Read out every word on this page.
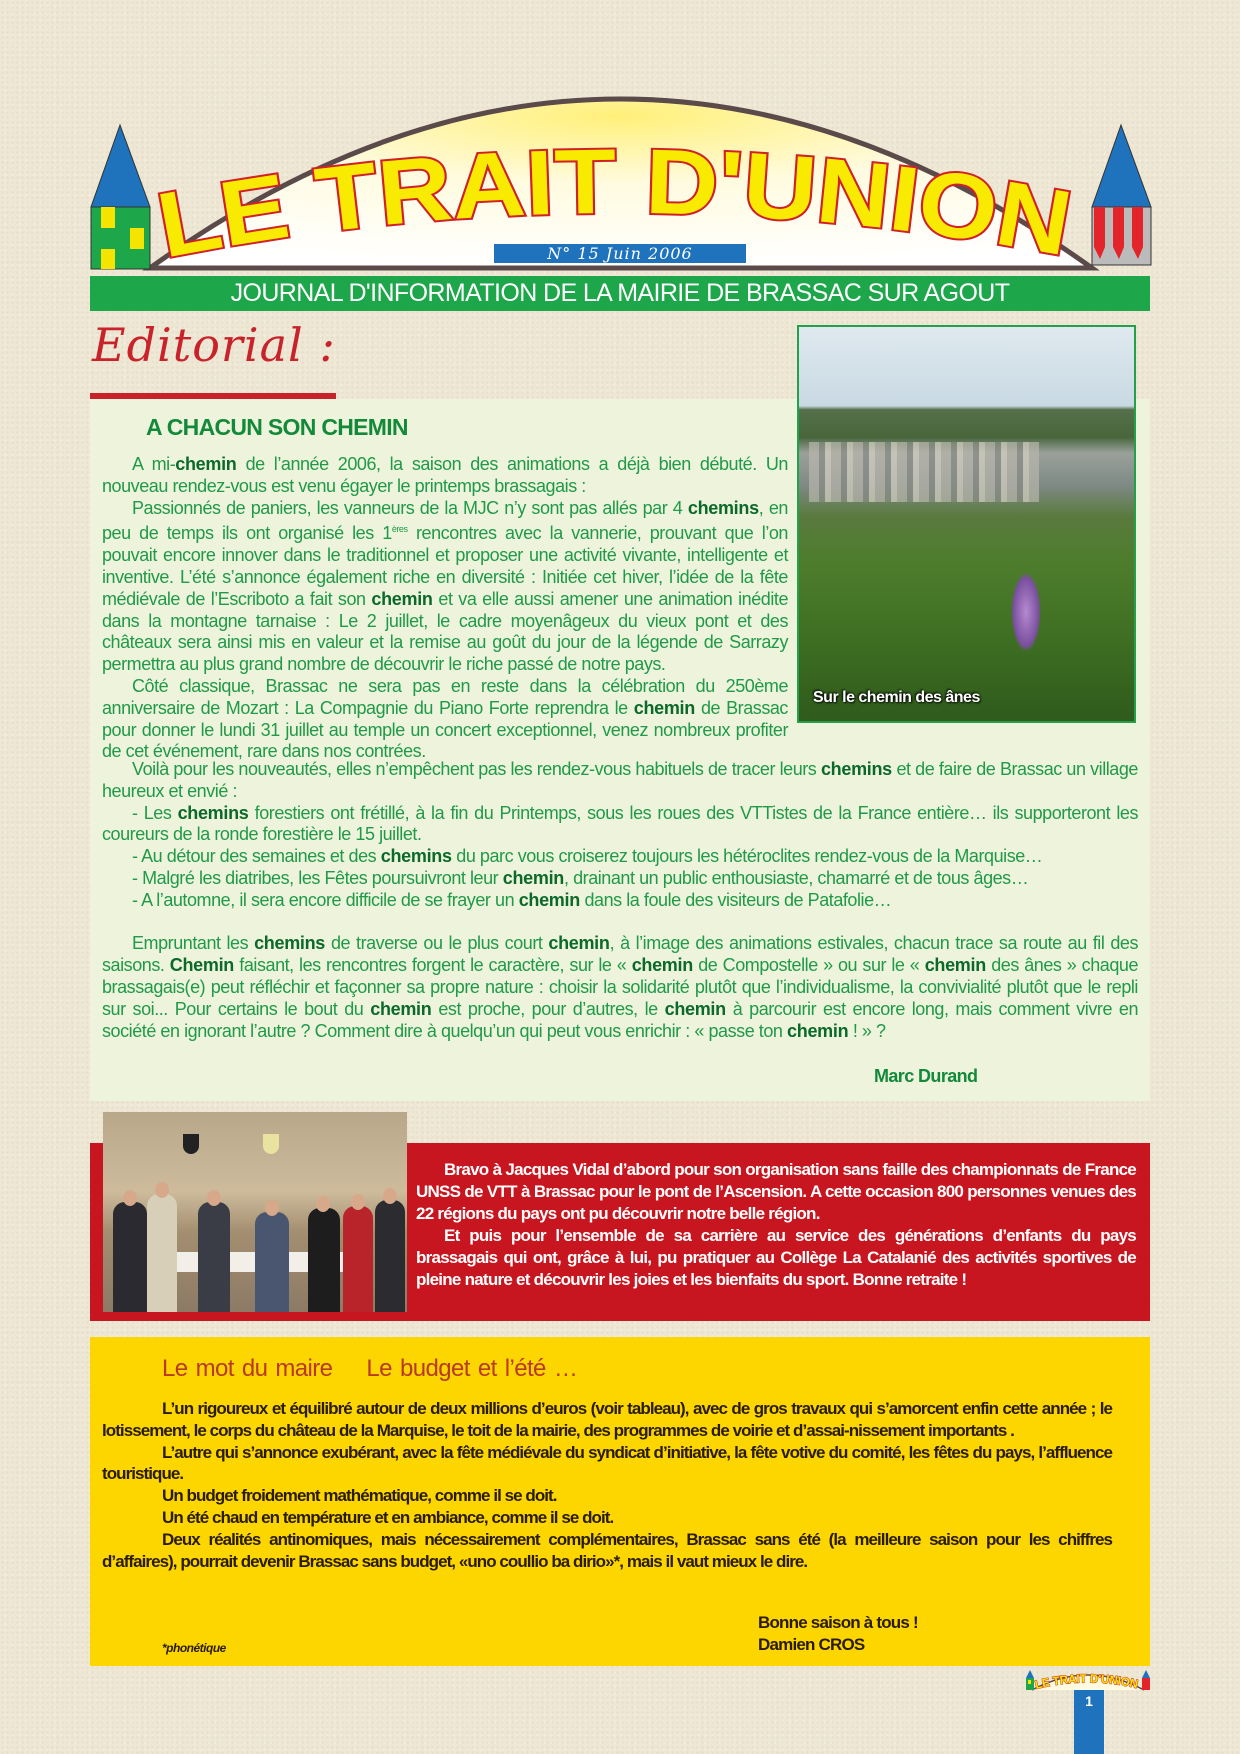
LE TRAIT D'UNION
N° 15 Juin 2006
JOURNAL D'INFORMATION DE LA MAIRIE DE BRASSAC SUR AGOUT
Editorial :
Sur le chemin des ânes
A CHACUN SON CHEMIN

A mi-chemin de l’année 2006, la saison des animations a déjà bien débuté. Un nouveau rendez-vous est venu égayer le printemps brassagais :

Passionnés de paniers, les vanneurs de la MJC n’y sont pas allés par 4 chemins, en peu de temps ils ont organisé les 1ères rencontres avec la vannerie, prouvant que l’on pouvait encore innover dans le traditionnel et proposer une activité vivante, intelligente et inventive. L’été s’annonce également riche en diversité : Initiée cet hiver, l’idée de la fête médiévale de l’Escriboto a fait son chemin et va elle aussi amener une animation inédite dans la montagne tarnaise : Le 2 juillet, le cadre moyenâgeux du vieux pont et des châteaux sera ainsi mis en valeur et la remise au goût du jour de la légende de Sarrazy permettra au plus grand nombre de découvrir le riche passé de notre pays.

Côté classique, Brassac ne sera pas en reste dans la célébration du 250ème anniversaire de Mozart : La Compagnie du Piano Forte reprendra le chemin de Brassac pour donner le lundi 31 juillet au temple un concert exceptionnel, venez nombreux profiter de cet événement, rare dans nos contrées.

Voilà pour les nouveautés, elles n’empêchent pas les rendez-vous habituels de tracer leurs chemins et de faire de Brassac un village heureux et envié :

- Les chemins forestiers ont frétillé, à la fin du Printemps, sous les roues des VTTistes de la France entière… ils supporteront les coureurs de la ronde forestière le 15 juillet.

- Au détour des semaines et des chemins du parc vous croiserez toujours les hétéroclites rendez-vous de la Marquise…

- Malgré les diatribes, les Fêtes poursuivront leur chemin, drainant un public enthousiaste, chamarré et de tous âges…

- A l’automne, il sera encore difficile de se frayer un chemin dans la foule des visiteurs de Patafolie…

Empruntant les chemins de traverse ou le plus court chemin, à l’image des animations estivales, chacun trace sa route au fil des saisons. Chemin faisant, les rencontres forgent le caractère, sur le « chemin de Compostelle » ou sur le « chemin des ânes » chaque brassagais(e) peut réfléchir et façonner sa propre nature : choisir la solidarité plutôt que l’individualisme, la convivialité plutôt que le repli sur soi... Pour certains le bout du chemin est proche, pour d’autres, le chemin à parcourir est encore long, mais comment vivre en société en ignorant l’autre ? Comment dire à quelqu’un qui peut vous enrichir : « passe ton chemin ! » ?

Marc Durand

Bravo à Jacques Vidal d’abord pour son organisation sans faille des championnats de France UNSS de VTT à Brassac pour le pont de l’Ascension. A cette occasion 800 personnes venues des 22 régions du pays ont pu découvrir notre belle région.

Et puis pour l’ensemble de sa carrière au service des générations d’enfants du pays brassagais qui ont, grâce à lui, pu pratiquer au Collège La Catalanié des activités sportives de pleine nature et découvrir les joies et les bienfaits du sport. Bonne retraite !

Le mot du maire Le budget et l’été …

L’un rigoureux et équilibré autour de deux millions d’euros (voir tableau), avec de gros travaux qui s’amorcent enfin cette année ; le lotissement, le corps du château de la Marquise, le toit de la mairie, des programmes de voirie et d’assai-nissement importants .

L’autre qui s’annonce exubérant, avec la fête médiévale du syndicat d’initiative, la fête votive du comité, les fêtes du pays, l’affluence touristique.

Un budget froidement mathématique, comme il se doit.

Un été chaud en température et en ambiance, comme il se doit.

Deux réalités antinomiques, mais nécessairement complémentaires, Brassac sans été (la meilleure saison pour les chiffres d’affaires), pourrait devenir Brassac sans budget, «uno coullio ba dirio»*, mais il vaut mieux le dire.

Bonne saison à tous !
Damien CROS
*phonétique
LE TRAIT D'UNION
1
